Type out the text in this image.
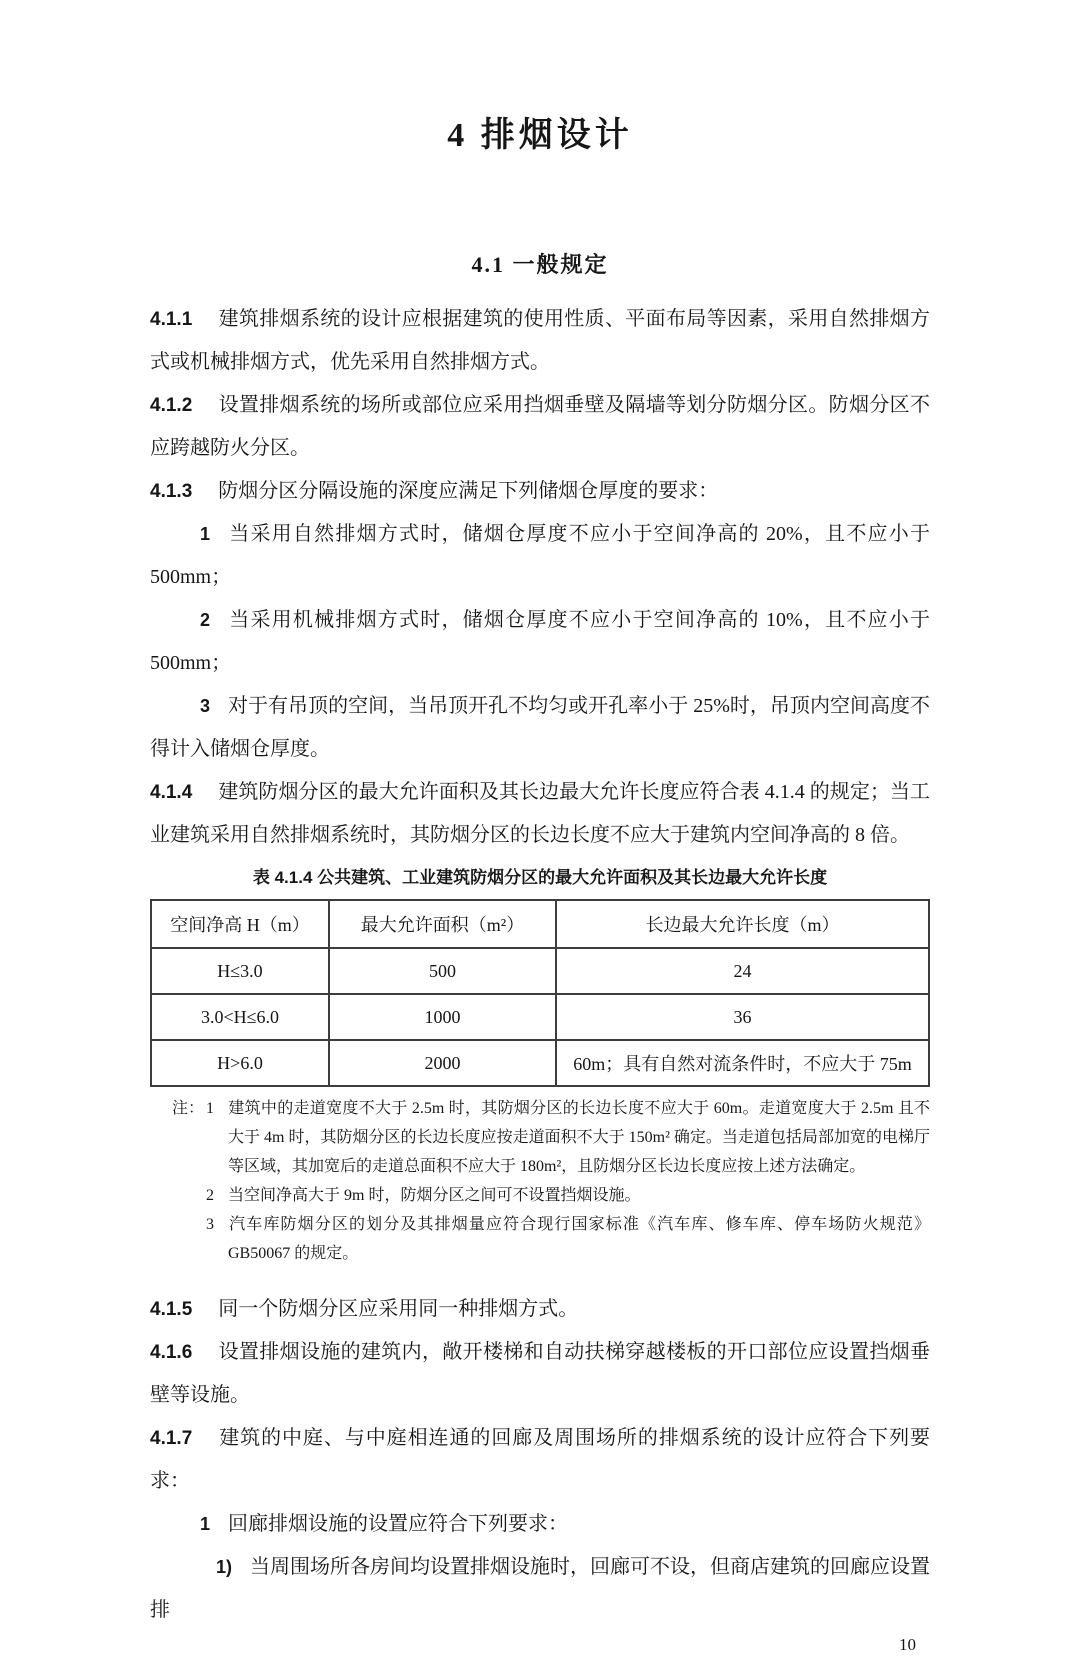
4 排烟设计
4.1 一般规定

4.1.1 建筑排烟系统的设计应根据建筑的使用性质、平面布局等因素，采用自然排烟方式或机械排烟方式，优先采用自然排烟方式。

4.1.2 设置排烟系统的场所或部位应采用挡烟垂壁及隔墙等划分防烟分区。防烟分区不应跨越防火分区。

4.1.3 防烟分区分隔设施的深度应满足下列储烟仓厚度的要求：

1 当采用自然排烟方式时，储烟仓厚度不应小于空间净高的 20%，且不应小于 500mm；

2 当采用机械排烟方式时，储烟仓厚度不应小于空间净高的 10%，且不应小于 500mm；

3 对于有吊顶的空间，当吊顶开孔不均匀或开孔率小于 25%时，吊顶内空间高度不得计入储烟仓厚度。

4.1.4 建筑防烟分区的最大允许面积及其长边最大允许长度应符合表 4.1.4 的规定；当工业建筑采用自然排烟系统时，其防烟分区的长边长度不应大于建筑内空间净高的 8 倍。

表 4.1.4 公共建筑、工业建筑防烟分区的最大允许面积及其长边最大允许长度
空间净高 H（m）	最大允许面积（m²）	长边最大允许长度（m）
H≤3.0	500	24
3.0<H≤6.0	1000	36
H>6.0	2000	60m；具有自然对流条件时，不应大于 75m
注： 1 建筑中的走道宽度不大于 2.5m 时，其防烟分区的长边长度不应大于 60m。走道宽度大于 2.5m 且不大于 4m 时，其防烟分区的长边长度应按走道面积不大于 150m² 确定。当走道包括局部加宽的电梯厅等区域，其加宽后的走道总面积不应大于 180m²，且防烟分区长边长度应按上述方法确定。

2 当空间净高大于 9m 时，防烟分区之间可不设置挡烟设施。

3 汽车库防烟分区的划分及其排烟量应符合现行国家标准《汽车库、修车库、停车场防火规范》GB50067 的规定。

4.1.5 同一个防烟分区应采用同一种排烟方式。

4.1.6 设置排烟设施的建筑内，敞开楼梯和自动扶梯穿越楼板的开口部位应设置挡烟垂壁等设施。

4.1.7 建筑的中庭、与中庭相连通的回廊及周围场所的排烟系统的设计应符合下列要求：

1 回廊排烟设施的设置应符合下列要求：

1) 当周围场所各房间均设置排烟设施时，回廊可不设，但商店建筑的回廊应设置排

10
